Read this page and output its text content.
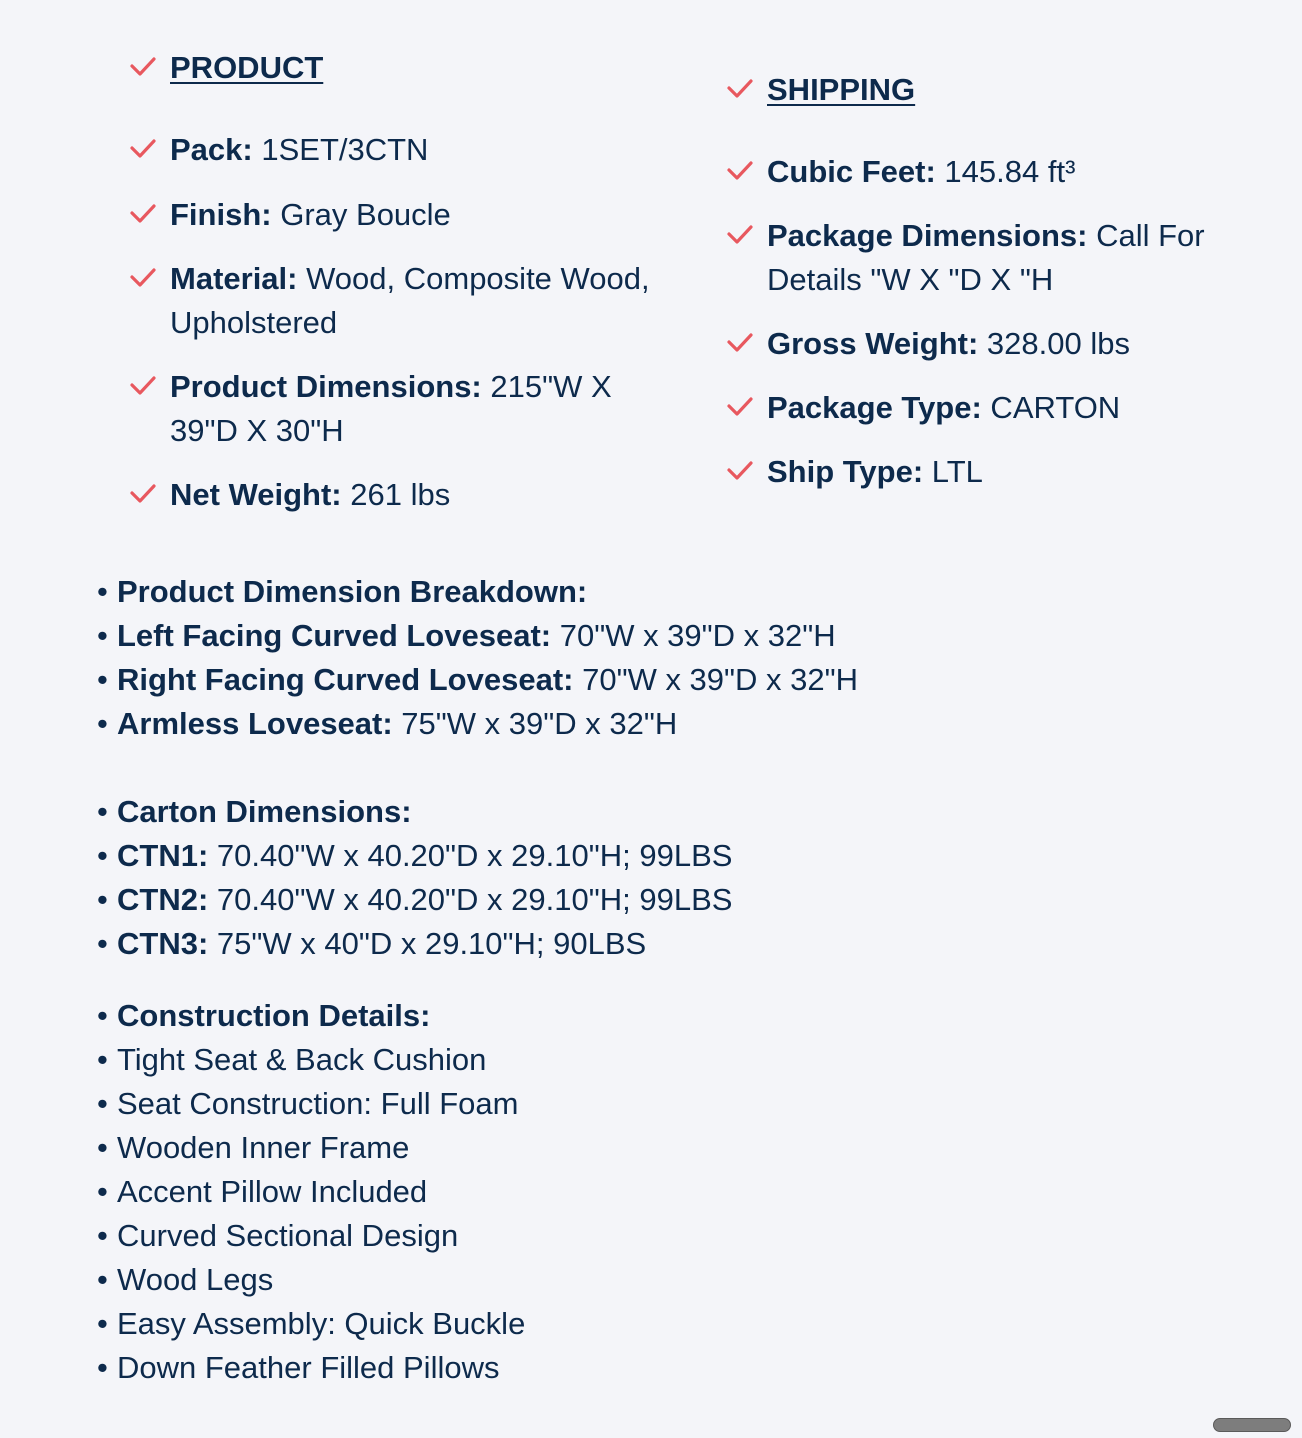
PRODUCT
Pack: 1SET/3CTN
Finish: Gray Boucle
Material: Wood, Composite Wood, Upholstered
Product Dimensions: 215"W X 39"D X 30"H
Net Weight: 261 lbs
SHIPPING
Cubic Feet: 145.84 ft³
Package Dimensions: Call For Details "W X "D X "H
Gross Weight: 328.00 lbs
Package Type: CARTON
Ship Type: LTL
• Product Dimension Breakdown:
• Left Facing Curved Loveseat: 70"W x 39"D x 32"H
• Right Facing Curved Loveseat: 70"W x 39"D x 32"H
• Armless Loveseat: 75"W x 39"D x 32"H
• Carton Dimensions:
• CTN1: 70.40"W x 40.20"D x 29.10"H; 99LBS
• CTN2: 70.40"W x 40.20"D x 29.10"H; 99LBS
• CTN3: 75"W x 40"D x 29.10"H; 90LBS
• Construction Details:
• Tight Seat & Back Cushion
• Seat Construction: Full Foam
• Wooden Inner Frame
• Accent Pillow Included
• Curved Sectional Design
• Wood Legs
• Easy Assembly: Quick Buckle
• Down Feather Filled Pillows
